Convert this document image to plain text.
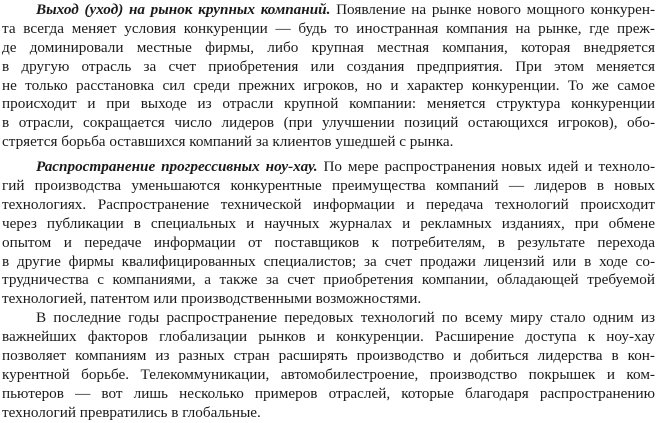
Выход (уход) на рынок крупных компаний. Появление на рынке нового мощного конкурен-
та всегда меняет условия конкуренции — будь то иностранная компания на рынке, где преж-
де доминировали местные фирмы, либо крупная местная компания, которая внедряется
в другую отрасль за счет приобретения или создания предприятия. При этом меняется
не только расстановка сил среди прежних игроков, но и характер конкуренции. То же самое
происходит и при выходе из отрасли крупной компании: меняется структура конкуренции
в отрасли, сокращается число лидеров (при улучшении позиций остающихся игроков), обо-
стряется борьба оставшихся компаний за клиентов ушедшей с рынка.
Распространение прогрессивных ноу-хау. По мере распространения новых идей и техноло-
гий производства уменьшаются конкурентные преимущества компаний — лидеров в новых
технологиях. Распространение технической информации и передача технологий происходит
через публикации в специальных и научных журналах и рекламных изданиях, при обмене
опытом и передаче информации от поставщиков к потребителям, в результате перехода
в другие фирмы квалифицированных специалистов; за счет продажи лицензий или в ходе со-
трудничества с компаниями, а также за счет приобретения компании, обладающей требуемой
технологией, патентом или производственными возможностями.
В последние годы распространение передовых технологий по всему миру стало одним из
важнейших факторов глобализации рынков и конкуренции. Расширение доступа к ноу-хау
позволяет компаниям из разных стран расширять производство и добиться лидерства в кон-
курентной борьбе. Телекоммуникации, автомобилестроение, производство покрышек и ком-
пьютеров — вот лишь несколько примеров отраслей, которые благодаря распространению
технологий превратились в глобальные.
